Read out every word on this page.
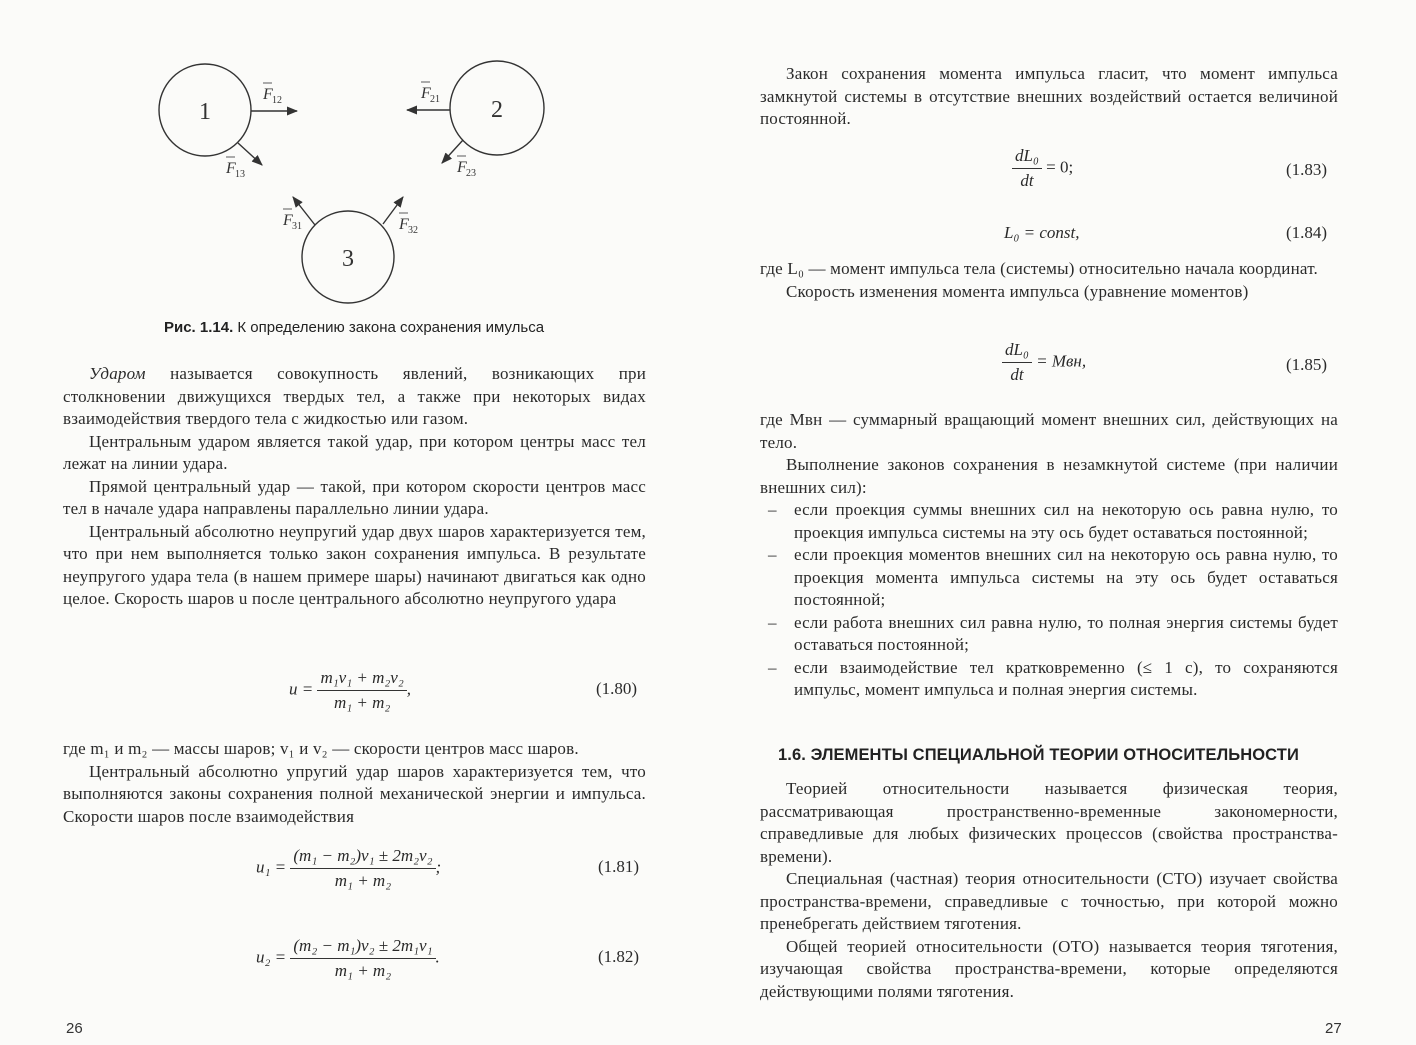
1	2
3
F 12
F 13
F 21
F 23
F 31	F 32
Рис. 1.14. К определению закона сохранения имульса

Ударом называется совокупность явлений, возникающих при столкновении движущихся твердых тел, а также при некоторых видах взаимодействия твердого тела с жидкостью или газом.

Центральным ударом является такой удар, при котором центры масс тел лежат на линии удара.

Прямой центральный удар — такой, при котором скорости центров масс тел в начале удара направлены параллельно линии удара.

Центральный абсолютно неупругий удар двух шаров характеризуется тем, что при нем выполняется только закон сохранения импульса. В результате неупругого удара тела (в нашем примере шары) начинают двигаться как одно целое. Скорость шаров u после центрального абсолютно неупругого удара

$u = \frac{\text{m₁v₁ + m₂v₂}}{\text{m₁ + m₂}}$ ,	(1.80)

где m₁ и m₂ — массы шаров; v₁ и v₂ — скорости центров масс шаров.

Центральный абсолютно упругий удар шаров характеризуется тем, что выполняются законы сохранения полной механической энергии и импульса. Скорости шаров после взаимодействия

$u_1 = \frac{\text{(m₁ − m₂)v₁ ± 2m₂v₂}}{\text{m₁ + m₂}}$ ;	(1.81)
$u_2 = \frac{\text{(m₂ − m₁)v₂ ± 2m₁v₁}}{\text{m₁ + m₂}}$ .	(1.82)
26

Закон сохранения момента импульса гласит, что момент импульса замкнутой системы в отсутствие внешних воздействий остается величиной постоянной.

$\frac{\text{dL₀}}{dt} = 0$;	(1.83)
L₀ = const,	(1.84)

где L₀ — момент импульса тела (системы) относительно начала координат.

Скорость изменения момента импульса (уравнение моментов)

$\frac{\text{dL₀}}{dt}$ = Mвн,	(1.85)

где Mвн — суммарный вращающий момент внешних сил, действующих на тело.

Выполнение законов сохранения в незамкнутой системе (при наличии внешних сил):

– если проекция суммы внешних сил на некоторую ось равна нулю, то проекция импульса системы на эту ось будет оставаться постоянной;
– если проекция моментов внешних сил на некоторую ось равна нулю, то проекция момента импульса системы на эту ось будет оставаться постоянной;
– если работа внешних сил равна нулю, то полная энергия системы будет оставаться постоянной;
– если взаимодействие тел кратковременно (≤ 1 с), то сохраняются импульс, момент импульса и полная энергия системы.
1.6. ЭЛЕМЕНТЫ СПЕЦИАЛЬНОЙ ТЕОРИИ ОТНОСИТЕЛЬНОСТИ

Теорией относительности называется физическая теория, рассматривающая пространственно-временные закономерности, справедливые для любых физических процессов (свойства пространства-времени).

Специальная (частная) теория относительности (СТО) изучает свойства пространства-времени, справедливые с точностью, при которой можно пренебрегать действием тяготения.

Общей теорией относительности (ОТО) называется теория тяготения, изучающая свойства пространства-времени, которые определяются действующими полями тяготения.

27
